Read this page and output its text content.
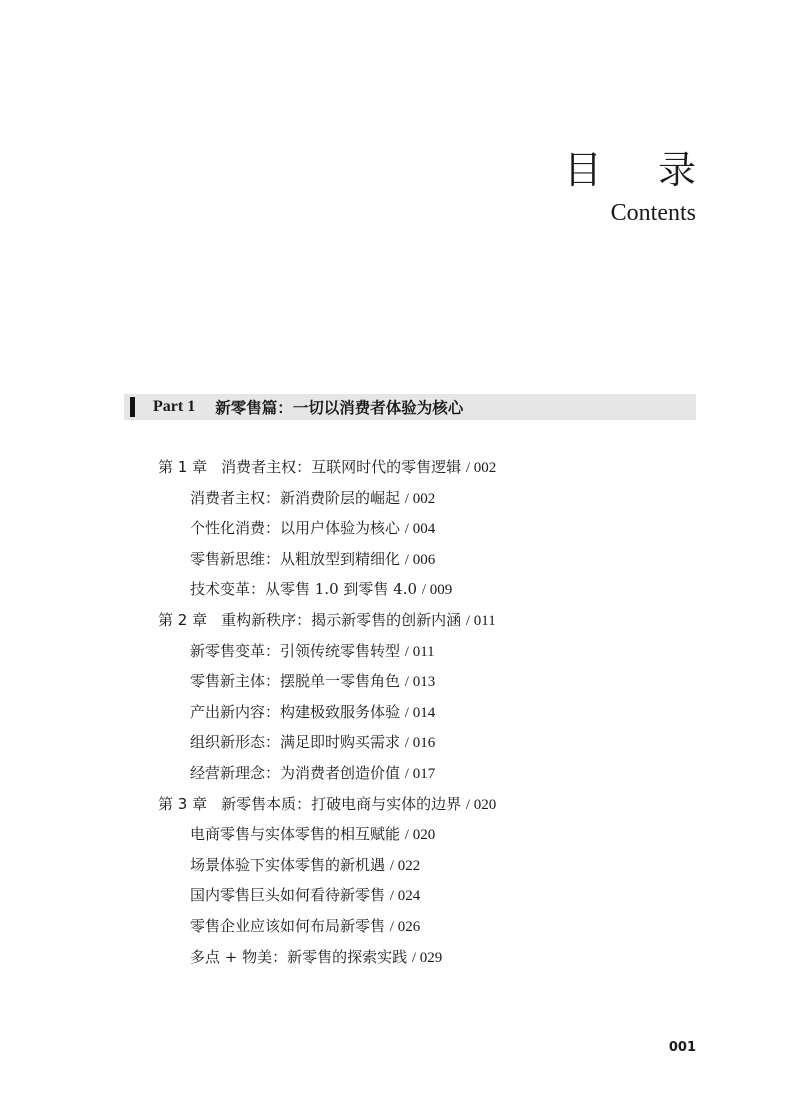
目 录
Contents
Part 1 新零售篇：一切以消费者体验为核心
第 1 章 消费者主权：互联网时代的零售逻辑 / 002
消费者主权：新消费阶层的崛起 / 002
个性化消费：以用户体验为核心 / 004
零售新思维：从粗放型到精细化 / 006
技术变革：从零售 1.0 到零售 4.0 / 009
第 2 章 重构新秩序：揭示新零售的创新内涵 / 011
新零售变革：引领传统零售转型 / 011
零售新主体：摆脱单一零售角色 / 013
产出新内容：构建极致服务体验 / 014
组织新形态：满足即时购买需求 / 016
经营新理念：为消费者创造价值 / 017
第 3 章 新零售本质：打破电商与实体的边界 / 020
电商零售与实体零售的相互赋能 / 020
场景体验下实体零售的新机遇 / 022
国内零售巨头如何看待新零售 / 024
零售企业应该如何布局新零售 / 026
多点 + 物美：新零售的探索实践 / 029
001
